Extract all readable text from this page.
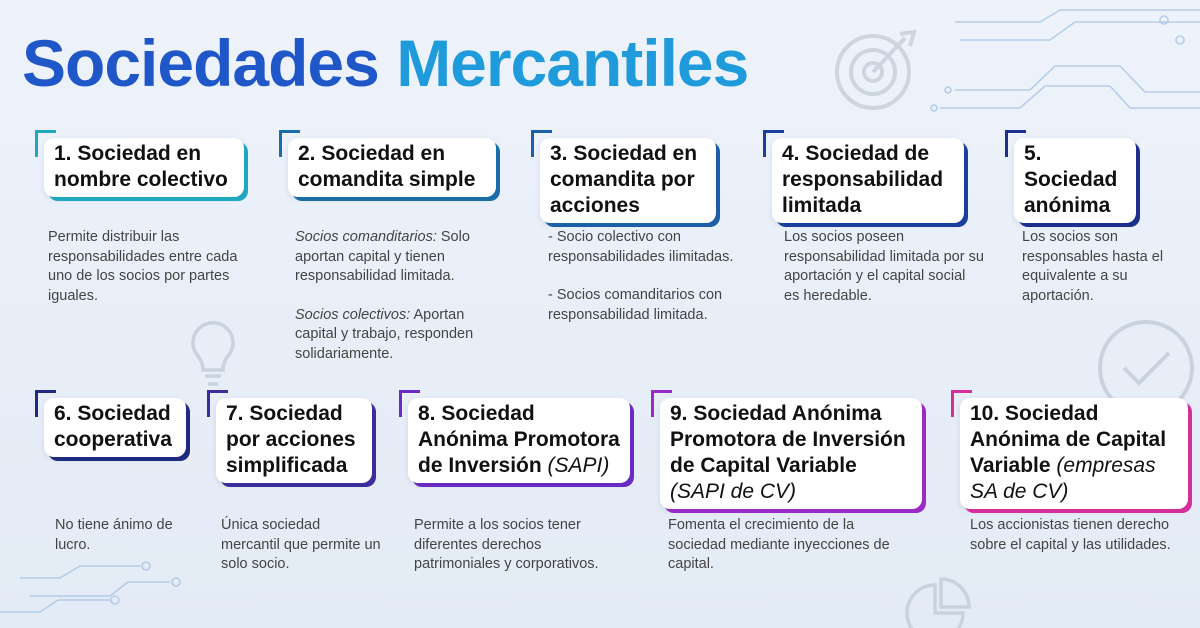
Sociedades Mercantiles
1. Sociedad en nombre colectivo
Permite distribuir las responsabilidades entre cada uno de los socios por partes iguales.
2. Sociedad en comandita simple

Socios comanditarios: Solo aportan capital y tienen responsabilidad limitada.

Socios colectivos: Aportan capital y trabajo, responden solidariamente.

3. Sociedad en comandita por acciones

- Socio colectivo con responsabilidades ilimitadas.

- Socios comanditarios con responsabilidad limitada.

4. Sociedad de responsabilidad limitada
Los socios poseen responsabilidad limitada por su aportación y el capital social es heredable.
5. Sociedad anónima
Los socios son responsables hasta el equivalente a su aportación.
6. Sociedad cooperativa
No tiene ánimo de lucro.
7. Sociedad por acciones simplificada
Única sociedad mercantil que permite un solo socio.
8. Sociedad Anónima Promotora de Inversión (SAPI)
Permite a los socios tener diferentes derechos patrimoniales y corporativos.
9. Sociedad Anónima Promotora de Inversión de Capital Variable (SAPI de CV)
Fomenta el crecimiento de la sociedad mediante inyecciones de capital.
10. Sociedad Anónima de Capital Variable (empresas SA de CV)
Los accionistas tienen derecho sobre el capital y las utilidades.
